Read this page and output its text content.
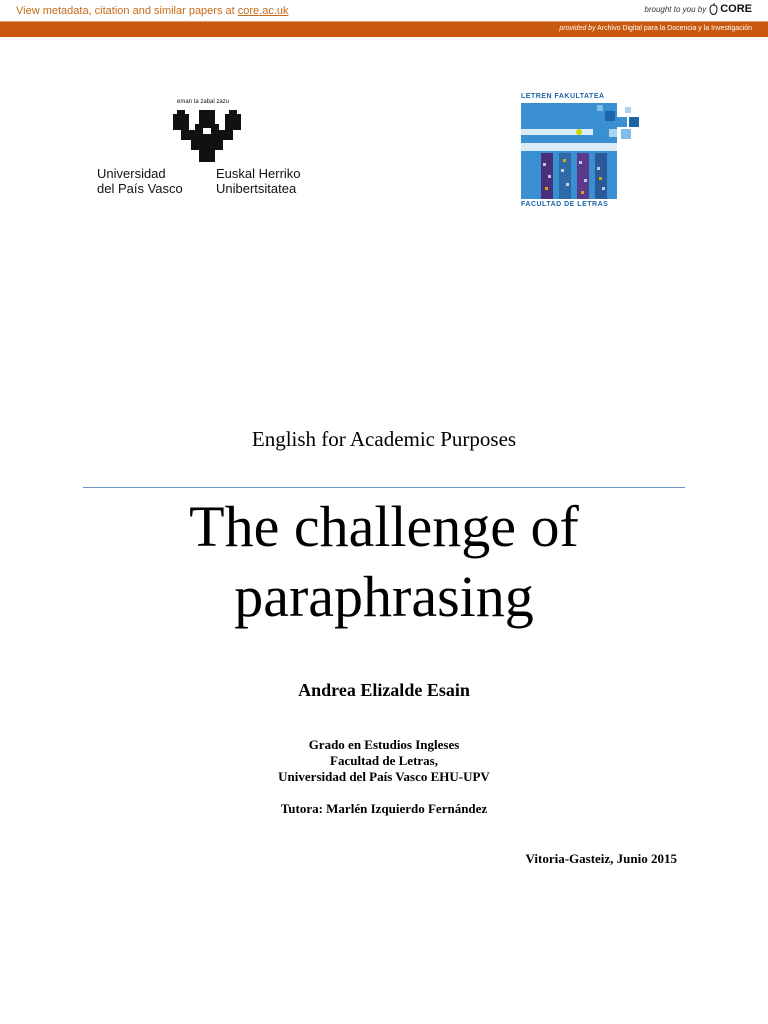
View metadata, citation and similar papers at core.ac.uk	brought to you by CORE
provided by Archivo Digital para la Docencia y la Investigación
eman ta zabal zazu
Universidad
del País Vasco
Euskal Herriko
Unibertsitatea
LETREN FAKULTATEA
FACULTAD DE LETRAS
English for Academic Purposes
The challenge of
paraphrasing
Andrea Elizalde Esain
Grado en Estudios Ingleses
Facultad de Letras,
Universidad del País Vasco EHU-UPV
Tutora: Marlén Izquierdo Fernández
Vitoria-Gasteiz, Junio 2015
